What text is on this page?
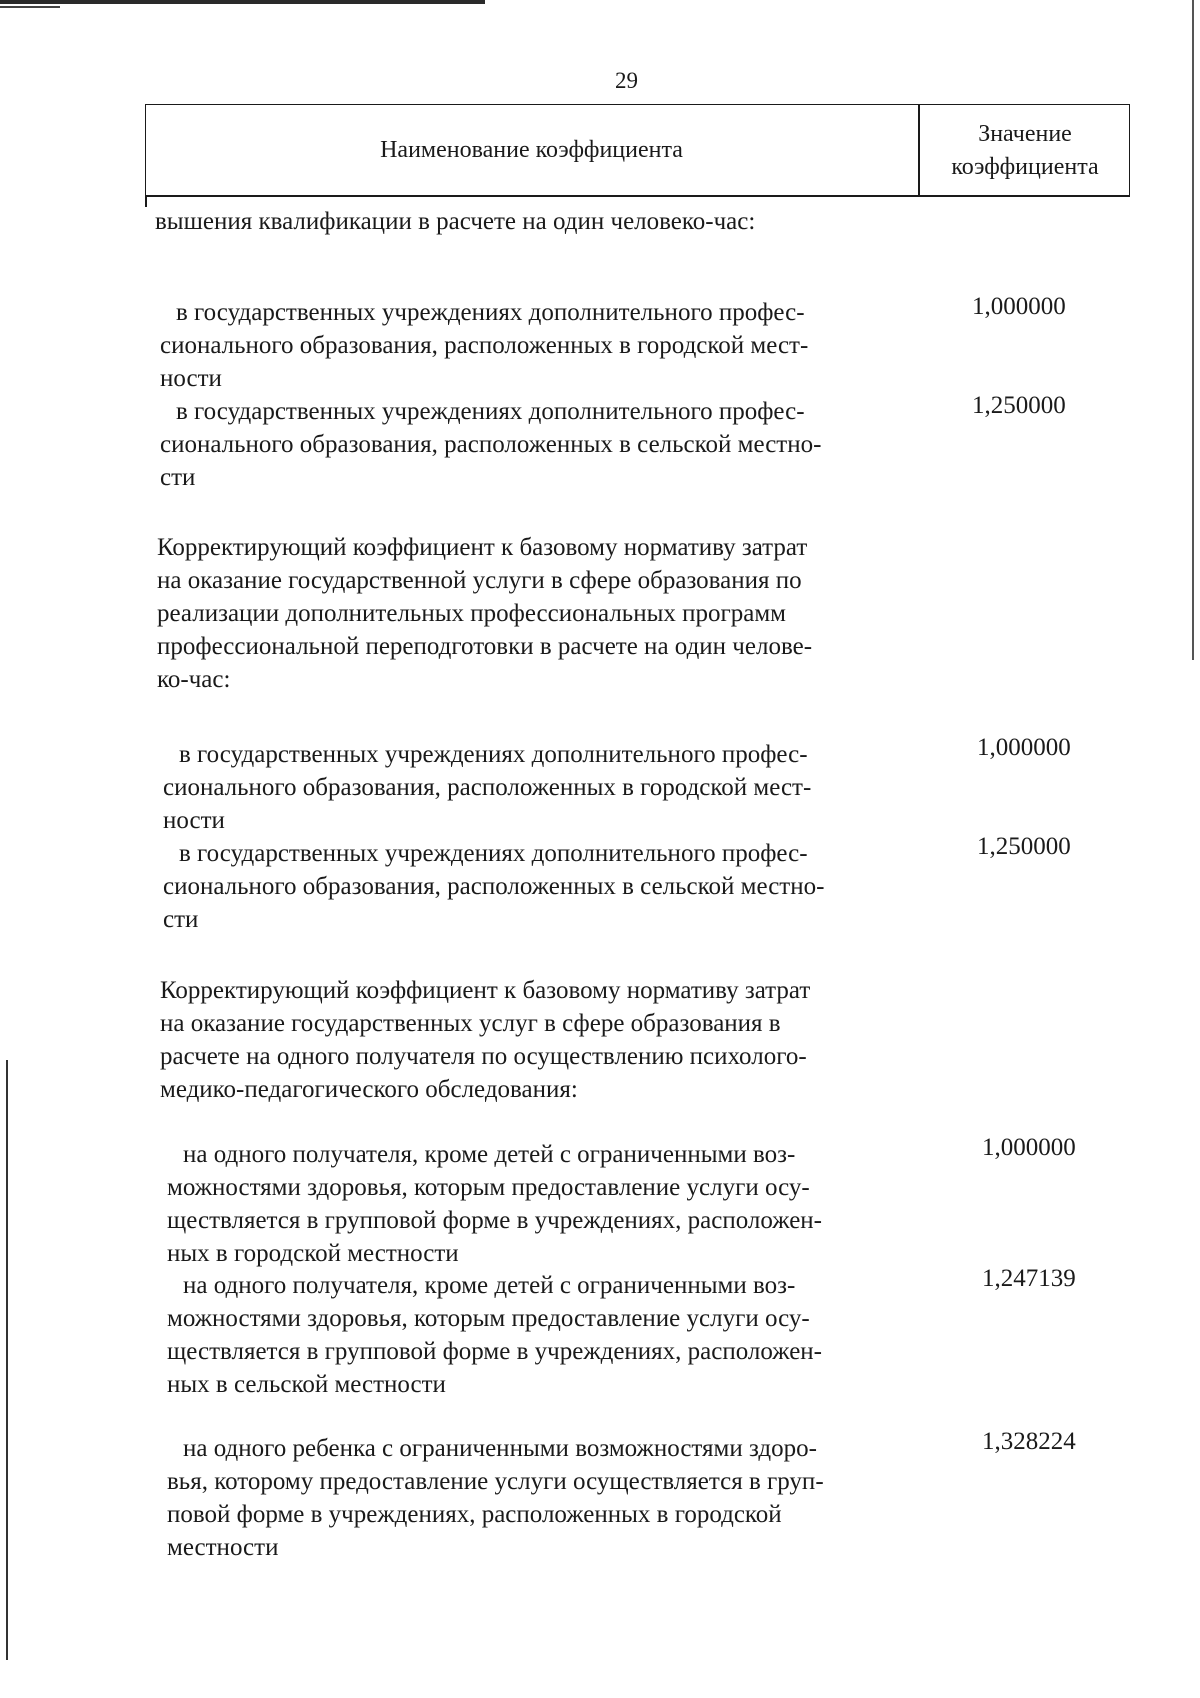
29
Наименование коэффициента
Значение
коэффициента
вышения квалификации в расчете на один человеко-час:
в государственных учреждениях дополнительного профес-
сионального образования, расположенных в городской мест-
ности
1,000000
в государственных учреждениях дополнительного профес-
сионального образования, расположенных в сельской местно-
сти
1,250000
Корректирующий коэффициент к базовому нормативу затрат
на оказание государственной услуги в сфере образования по
реализации дополнительных профессиональных программ
профессиональной переподготовки в расчете на один челове-
ко-час:
в государственных учреждениях дополнительного профес-
сионального образования, расположенных в городской мест-
ности
1,000000
в государственных учреждениях дополнительного профес-
сионального образования, расположенных в сельской местно-
сти
1,250000
Корректирующий коэффициент к базовому нормативу затрат
на оказание государственных услуг в сфере образования в
расчете на одного получателя по осуществлению психолого-
медико-педагогического обследования:
на одного получателя, кроме детей с ограниченными воз-
можностями здоровья, которым предоставление услуги осу-
ществляется в групповой форме в учреждениях, расположен-
ных в городской местности
1,000000
на одного получателя, кроме детей с ограниченными воз-
можностями здоровья, которым предоставление услуги осу-
ществляется в групповой форме в учреждениях, расположен-
ных в сельской местности
1,247139
на одного ребенка с ограниченными возможностями здоро-
вья, которому предоставление услуги осуществляется в груп-
повой форме в учреждениях, расположенных в городской
местности
1,328224
